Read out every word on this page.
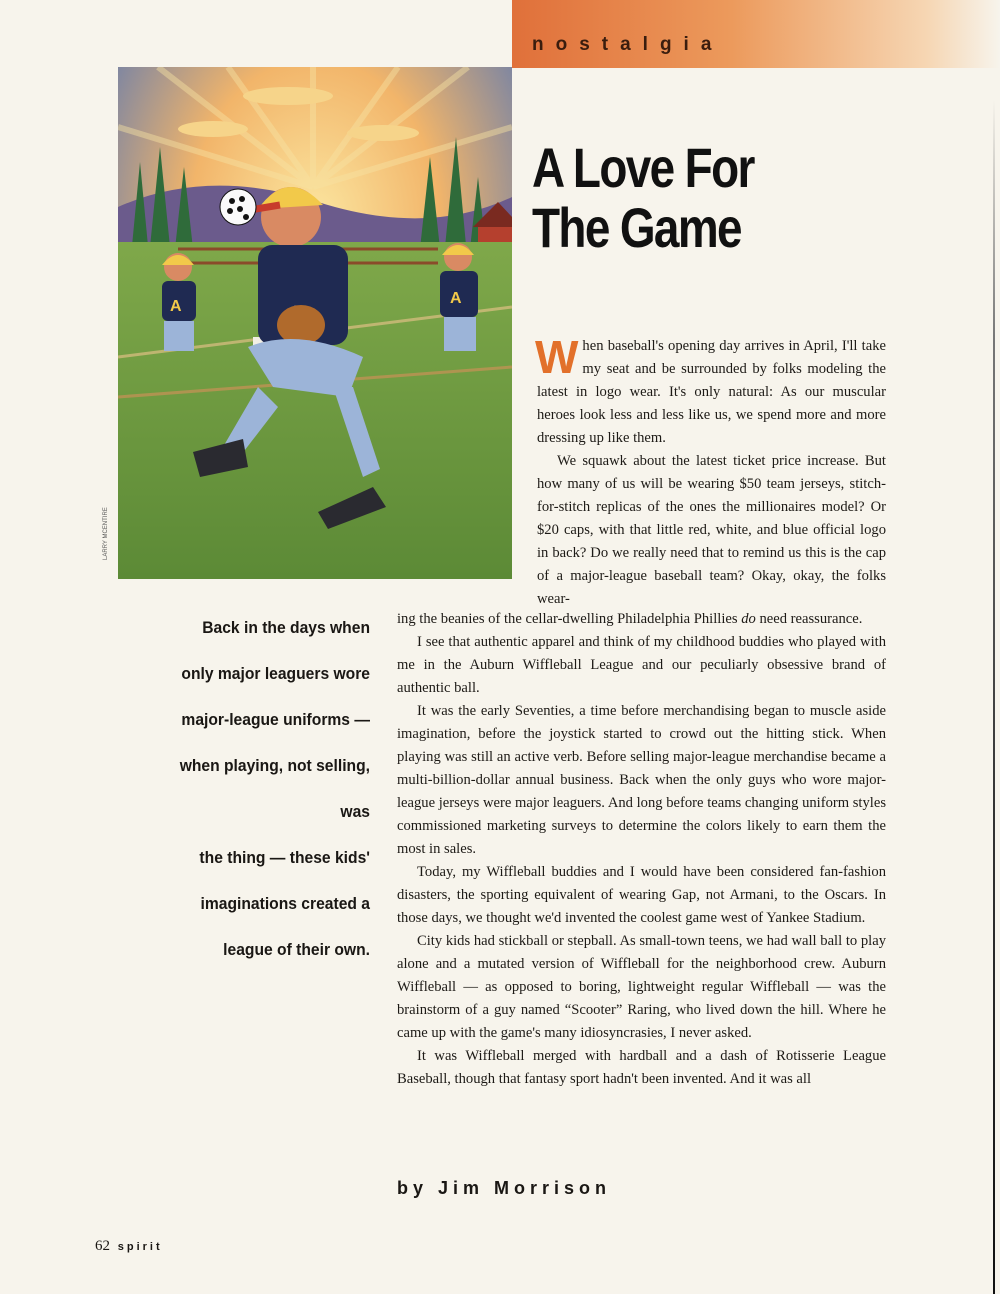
nostalgia
A	A
LARRY MCENTIRE
A Love For
The Game

When baseball's opening day arrives in April, I'll take my seat and be surrounded by folks modeling the latest in logo wear. It's only natural: As our muscular heroes look less and less like us, we spend more and more dressing up like them.

We squawk about the latest ticket price increase. But how many of us will be wearing $50 team jerseys, stitch-for-stitch replicas of the ones the millionaires model? Or $20 caps, with that little red, white, and blue official logo in back? Do we really need that to remind us this is the cap of a major-league baseball team? Okay, okay, the folks wear-

Back in the days when
only major leaguers wore
major-league uniforms —
when playing, not selling, was
the thing — these kids'
imaginations created a
league of their own.

ing the beanies of the cellar-dwelling Philadelphia Phillies do need reassurance.

I see that authentic apparel and think of my childhood buddies who played with me in the Auburn Wiffleball League and our peculiarly obsessive brand of authentic ball.

It was the early Seventies, a time before merchandising began to muscle aside imagination, before the joystick started to crowd out the hitting stick. When playing was still an active verb. Before selling major-league merchandise became a multi-billion-dollar annual business. Back when the only guys who wore major-league jerseys were major leaguers. And long before teams changing uniform styles commissioned marketing surveys to determine the colors likely to earn them the most in sales.

Today, my Wiffleball buddies and I would have been considered fan-fashion disasters, the sporting equivalent of wearing Gap, not Armani, to the Oscars. In those days, we thought we'd invented the coolest game west of Yankee Stadium.

City kids had stickball or stepball. As small-town teens, we had wall ball to play alone and a mutated version of Wiffleball for the neighborhood crew. Auburn Wiffleball — as opposed to boring, lightweight regular Wiffleball — was the brainstorm of a guy named “Scooter” Raring, who lived down the hill. Where he came up with the game's many idiosyncrasies, I never asked.

It was Wiffleball merged with hardball and a dash of Rotisserie League Baseball, though that fantasy sport hadn't been invented. And it was all

by Jim Morrison
62 spirit
